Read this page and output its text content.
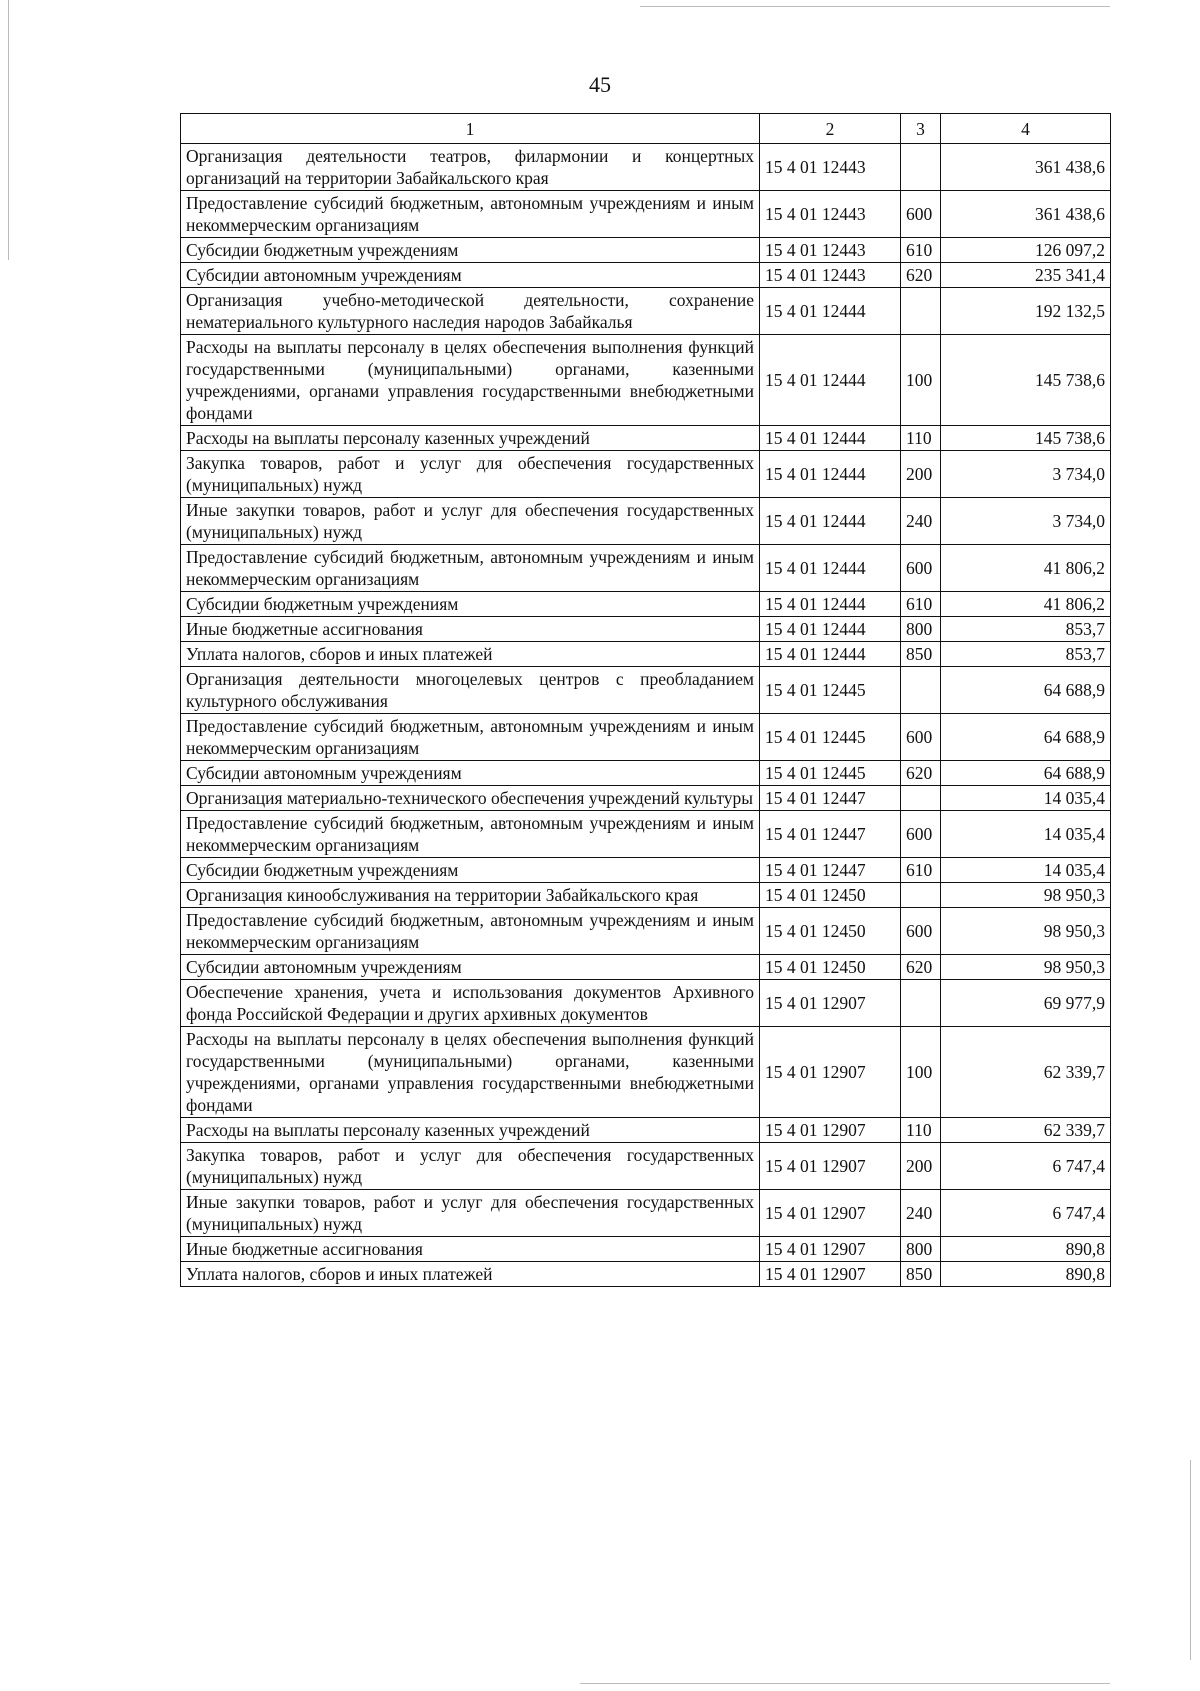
45
1	2	3	4
Организация деятельности театров, филармонии и концертных организаций на территории Забайкальского края	15 4 01 12443		361 438,6
Предоставление субсидий бюджетным, автономным учреждениям и иным некоммерческим организациям	15 4 01 12443	600	361 438,6
Субсидии бюджетным учреждениям	15 4 01 12443	610	126 097,2
Субсидии автономным учреждениям	15 4 01 12443	620	235 341,4
Организация учебно-методической деятельности, сохранение нематериального культурного наследия народов Забайкалья	15 4 01 12444		192 132,5
Расходы на выплаты персоналу в целях обеспечения выполнения функций государственными (муниципальными) органами, казенными учреждениями, органами управления государственными внебюджетными фондами	15 4 01 12444	100	145 738,6
Расходы на выплаты персоналу казенных учреждений	15 4 01 12444	110	145 738,6
Закупка товаров, работ и услуг для обеспечения государственных (муниципальных) нужд	15 4 01 12444	200	3 734,0
Иные закупки товаров, работ и услуг для обеспечения государственных (муниципальных) нужд	15 4 01 12444	240	3 734,0
Предоставление субсидий бюджетным, автономным учреждениям и иным некоммерческим организациям	15 4 01 12444	600	41 806,2
Субсидии бюджетным учреждениям	15 4 01 12444	610	41 806,2
Иные бюджетные ассигнования	15 4 01 12444	800	853,7
Уплата налогов, сборов и иных платежей	15 4 01 12444	850	853,7
Организация деятельности многоцелевых центров с преобладанием культурного обслуживания	15 4 01 12445		64 688,9
Предоставление субсидий бюджетным, автономным учреждениям и иным некоммерческим организациям	15 4 01 12445	600	64 688,9
Субсидии автономным учреждениям	15 4 01 12445	620	64 688,9
Организация материально-технического обеспечения учреждений культуры	15 4 01 12447		14 035,4
Предоставление субсидий бюджетным, автономным учреждениям и иным некоммерческим организациям	15 4 01 12447	600	14 035,4
Субсидии бюджетным учреждениям	15 4 01 12447	610	14 035,4
Организация кинообслуживания на территории Забайкальского края	15 4 01 12450		98 950,3
Предоставление субсидий бюджетным, автономным учреждениям и иным некоммерческим организациям	15 4 01 12450	600	98 950,3
Субсидии автономным учреждениям	15 4 01 12450	620	98 950,3
Обеспечение хранения, учета и использования документов Архивного фонда Российской Федерации и других архивных документов	15 4 01 12907		69 977,9
Расходы на выплаты персоналу в целях обеспечения выполнения функций государственными (муниципальными) органами, казенными учреждениями, органами управления государственными внебюджетными фондами	15 4 01 12907	100	62 339,7
Расходы на выплаты персоналу казенных учреждений	15 4 01 12907	110	62 339,7
Закупка товаров, работ и услуг для обеспечения государственных (муниципальных) нужд	15 4 01 12907	200	6 747,4
Иные закупки товаров, работ и услуг для обеспечения государственных (муниципальных) нужд	15 4 01 12907	240	6 747,4
Иные бюджетные ассигнования	15 4 01 12907	800	890,8
Уплата налогов, сборов и иных платежей	15 4 01 12907	850	890,8
